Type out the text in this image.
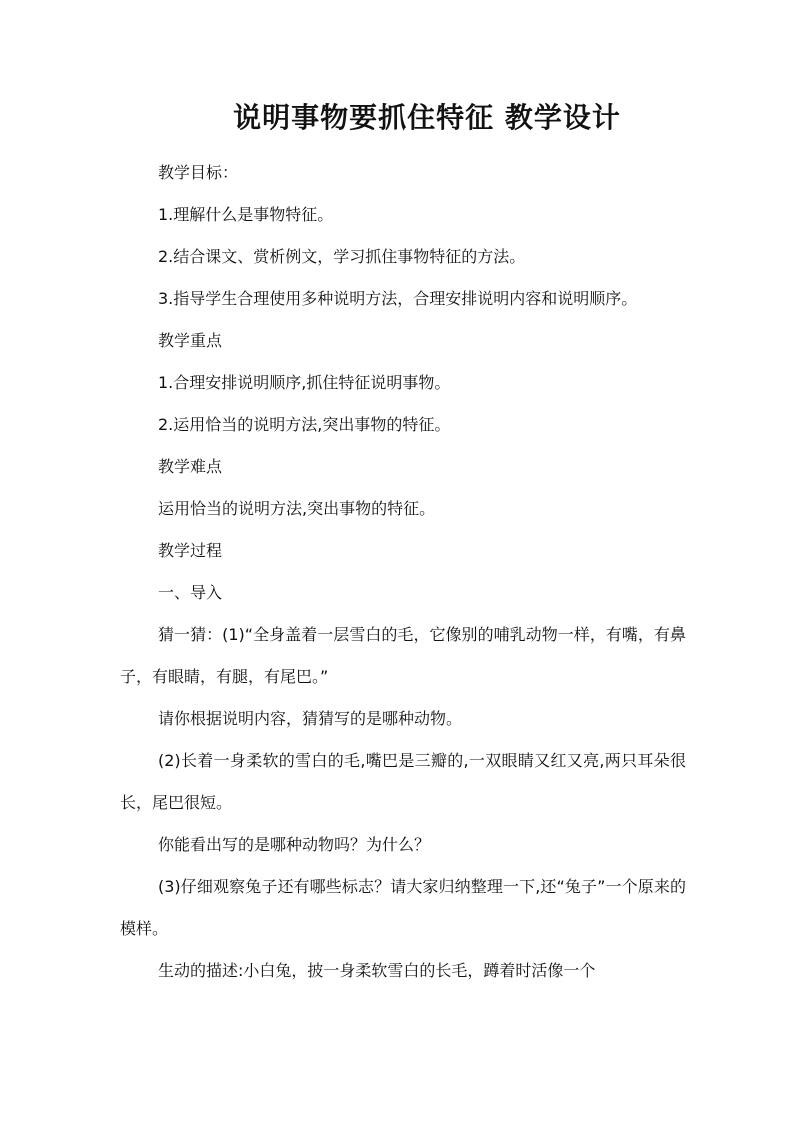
说明事物要抓住特征 教学设计

教学目标：

1.理解什么是事物特征。

2.结合课文、赏析例文，学习抓住事物特征的方法。

3.指导学生合理使用多种说明方法，合理安排说明内容和说明顺序。

教学重点

1.合理安排说明顺序,抓住特征说明事物。

2.运用恰当的说明方法,突出事物的特征。

教学难点

运用恰当的说明方法,突出事物的特征。

教学过程

一、导入

猜一猜：(1)“全身盖着一层雪白的毛，它像别的哺乳动物一样，有嘴，有鼻子，有眼睛，有腿，有尾巴。”

请你根据说明内容，猜猜写的是哪种动物。

(2)长着一身柔软的雪白的毛,嘴巴是三瓣的,一双眼睛又红又亮,两只耳朵很长，尾巴很短。

你能看出写的是哪种动物吗？为什么？

(3)仔细观察兔子还有哪些标志？请大家归纳整理一下,还“兔子”一个原来的模样。

生动的描述:小白兔，披一身柔软雪白的长毛，蹲着时活像一个
